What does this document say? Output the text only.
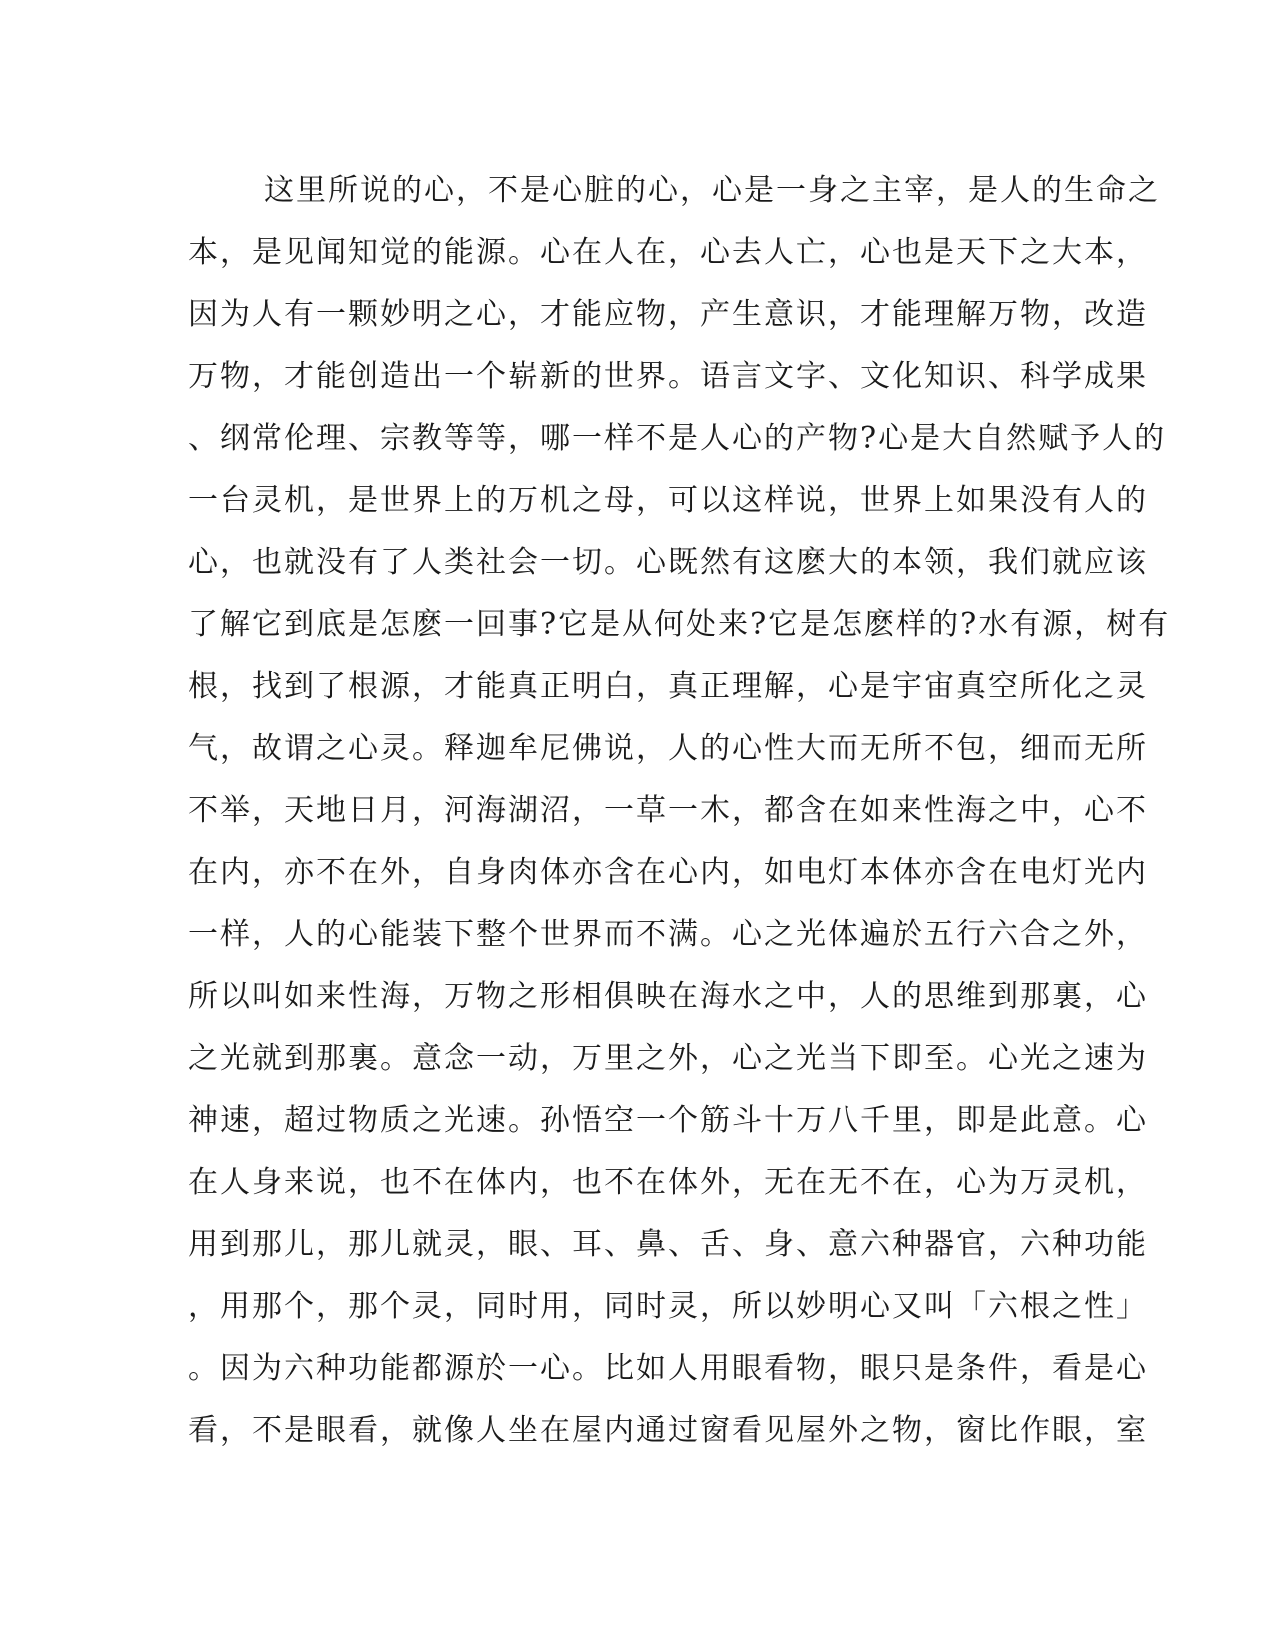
这里所说的心，不是心脏的心，心是一身之主宰，是人的生命之
本，是见闻知觉的能源。心在人在，心去人亡，心也是天下之大本，
因为人有一颗妙明之心，才能应物，产生意识，才能理解万物，改造
万物，才能创造出一个崭新的世界。语言文字、文化知识、科学成果
、纲常伦理、宗教等等，哪一样不是人心的产物?心是大自然赋予人的
一台灵机，是世界上的万机之母，可以这样说，世界上如果没有人的
心，也就没有了人类社会一切。心既然有这麽大的本领，我们就应该
了解它到底是怎麽一回事?它是从何处来?它是怎麽样的?水有源，树有
根，找到了根源，才能真正明白，真正理解，心是宇宙真空所化之灵
气，故谓之心灵。释迦牟尼佛说，人的心性大而无所不包，细而无所
不举，天地日月，河海湖沼，一草一木，都含在如来性海之中，心不
在内，亦不在外，自身肉体亦含在心内，如电灯本体亦含在电灯光内
一样，人的心能装下整个世界而不满。心之光体遍於五行六合之外，
所以叫如来性海，万物之形相俱映在海水之中，人的思维到那裏，心
之光就到那裏。意念一动，万里之外，心之光当下即至。心光之速为
神速，超过物质之光速。孙悟空一个筋斗十万八千里，即是此意。心
在人身来说，也不在体内，也不在体外，无在无不在，心为万灵机，
用到那儿，那儿就灵，眼、耳、鼻、舌、身、意六种器官，六种功能
，用那个，那个灵，同时用，同时灵，所以妙明心又叫「六根之性」
。因为六种功能都源於一心。比如人用眼看物，眼只是条件，看是心
看，不是眼看，就像人坐在屋内通过窗看见屋外之物，窗比作眼，室
